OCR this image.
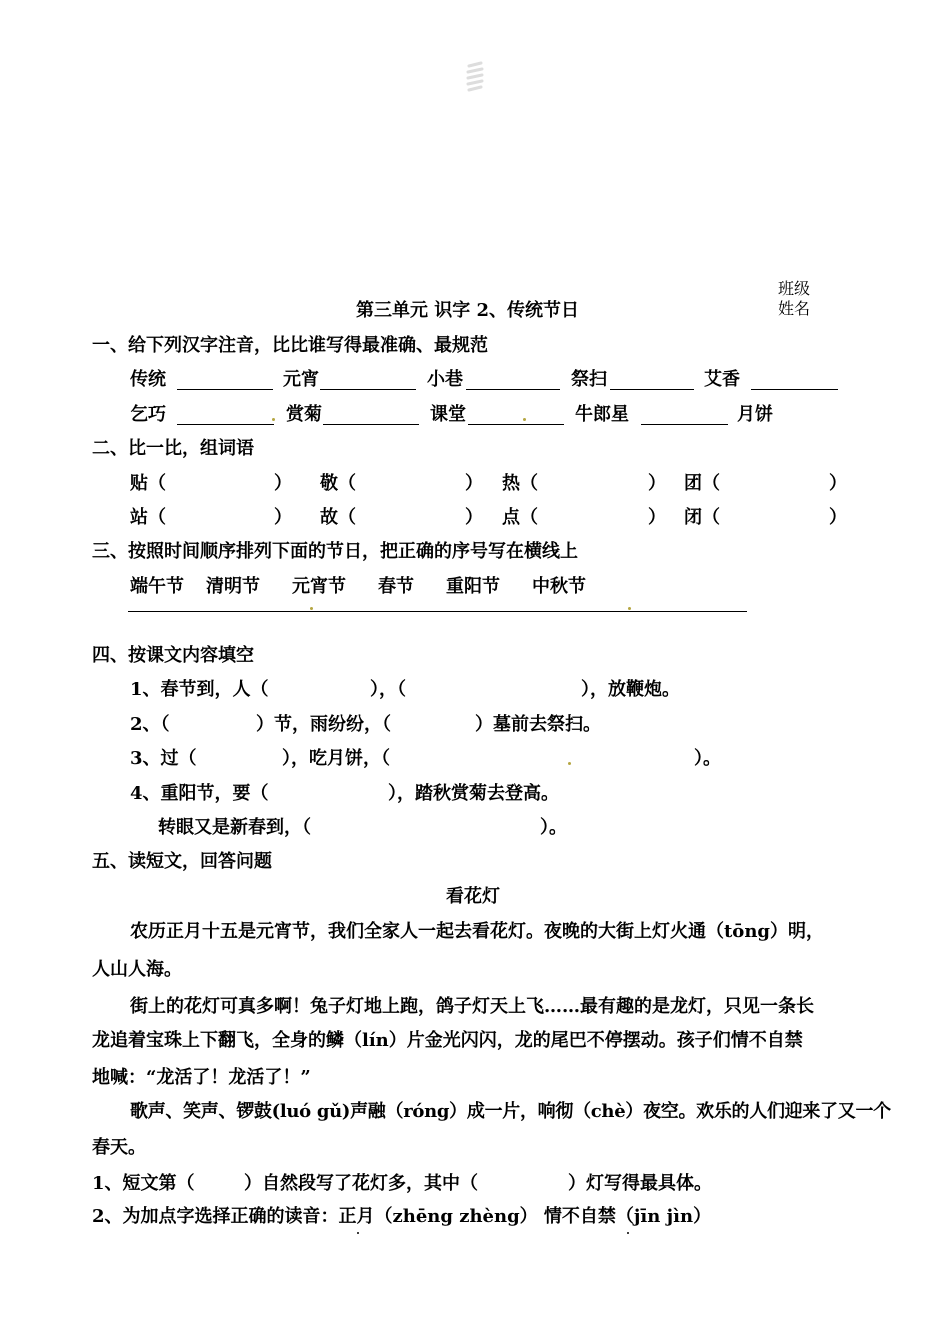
班级
姓名
第三单元 识字 2、传统节日
一、给下列汉字注音，比比谁写得最准确、最规范
传统	元宵	小巷	祭扫	艾香
乞巧	赏菊	课堂	牛郎星	月饼
二、比一比，组词语
贴（	） 敬（	） 热（	） 团（	）
站（	） 故（	） 点（	） 闭（	）
三、按照时间顺序排列下面的节日，把正确的序号写在横线上
端午节 清明节 元宵节 春节 重阳节 中秋节
四、按课文内容填空
1、春节到，人（	），（	），放鞭炮。
2、（	）节，雨纷纷，（	）墓前去祭扫。
3、过（	），吃月饼，（	）。
4、重阳节，要（	），踏秋赏菊去登高。
转眼又是新春到，（	）。
五、读短文，回答问题
看花灯
农历正月十五是元宵节，我们全家人一起去看花灯。夜晚的大街上灯火通（tōng）明，
人山人海。
街上的花灯可真多啊！兔子灯地上跑，鸽子灯天上飞……最有趣的是龙灯，只见一条长
龙追着宝珠上下翻飞，全身的鳞（lín）片金光闪闪，龙的尾巴不停摆动。孩子们情不自禁
地喊：“龙活了！龙活了！”
歌声、笑声、锣鼓(luó gǔ)声融（róng）成一片，响彻（chè）夜空。欢乐的人们迎来了又一个
春天。
1、短文第（	）自然段写了花灯多，其中（	）灯写得最具体。
2、为加点字选择正确的读音：正月（zhēng zhèng） 情不自禁（jīn jìn）
